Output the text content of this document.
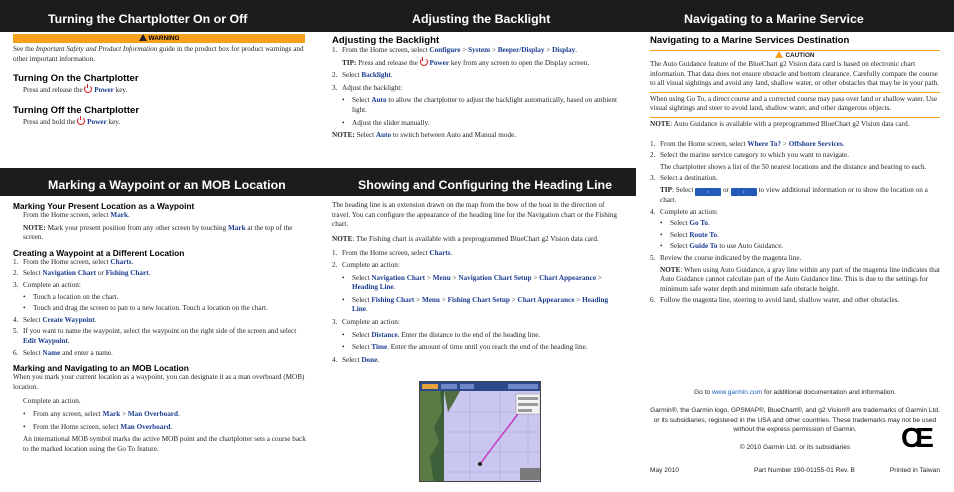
Turning the Chartplotter On or Off	Adjusting the Backlight	Navigating to a Marine Service
Marking a Waypoint or an MOB Location	Showing and Configuring the Heading Line
WARNING
See the Important Safety and Product Information guide in the product box for product warnings and other important information.
Turning On the Chartplotter
Press and release the  Power key.
Turning Off the Chartplotter
Press and hold the  Power key.
Adjusting the Backlight
1. From the Home screen, select Configure > System > Beeper/Display > Display.
TIP: Press and release the  Power key from any screen to open the Display screen.
2. Select Backlight.
3. Adjust the backlight:
•	Select Auto to allow the chartplotter to adjust the backlight automatically, based on ambient light.
•	Adjust the slider manually.
NOTE: Select Auto to switch between Auto and Manual mode.
Navigating to a Marine Services Destination
CAUTION
The Auto Guidance feature of the BlueChart g2 Vision data card is based on electronic chart information. That data does not ensure obstacle and bottom clearance. Carefully compare the course to all visual sightings and avoid any land, shallow water, or other obstacles that may be in your path.
When using Go To, a direct course and a corrected course may pass over land or shallow water. Use visual sightings and steer to avoid land, shallow water, and other dangerous objects.
NOTE: Auto Guidance is available with a preprogrammed BlueChart g2 Vision data card.
1. From the Home screen, select Where To? > Offshore Services.
2. Select the marine service category to which you want to navigate.
The chartplotter shows a list of the 50 nearest locations and the distance and bearing to each.
3. Select a destination.
TIP: Select ‹ or › to view additional information or to show the location on a chart.
4. Complete an action:
•	Select Go To.
•	Select Route To.
•	Select Guide To to use Auto Guidance.
5. Review the course indicated by the magenta line.
NOTE: When using Auto Guidance, a gray line within any part of the magenta line indicates that Auto Guidance cannot calculate part of the Auto Guidance line. This is due to the settings for minimum safe water depth and minimum safe obstacle height.
6. Follow the magenta line, steering to avoid land, shallow water, and other obstacles.
Go to www.garmin.com for additional documentation and information.
Garmin®, the Garmin logo, GPSMAP®, BlueChart®, and g2 Vision® are trademarks of Garmin Ltd. or its subsidiaries, registered in the USA and other countries. These trademarks may not be used without the express permission of Garmin.
© 2010 Garmin Ltd. or its subsidiaries	CE
May 2010	Part Number 190-01155-01 Rev. B	Printed in Taiwan
Marking Your Present Location as a Waypoint
From the Home screen, select Mark.
NOTE: Mark your present position from any other screen by touching Mark at the top of the screen.
Creating a Waypoint at a Different Location
1. From the Home screen, select Charts.
2. Select Navigation Chart or Fishing Chart.
3. Complete an action:
•	Touch a location on the chart.
•	Touch and drag the screen to pan to a new location. Touch a location on the chart.
4. Select Create Waypoint.
5. If you want to name the waypoint, select the waypoint on the right side of the screen and select Edit Waypoint.
6. Select Name and enter a name.
Marking and Navigating to an MOB Location
When you mark your current location as a waypoint, you can designate it as a man overboard (MOB) location.
Complete an action.
•	From any screen, select Mark > Man Overboard.
•	From the Home screen, select Man Overboard.
An international MOB symbol marks the active MOB point and the chartplotter sets a course back to the marked location using the Go To feature.
The heading line is an extension drawn on the map from the bow of the boat in the direction of travel. You can configure the appearance of the heading line for the Navigation chart or the Fishing chart.
NOTE: The Fishing chart is available with a preprogrammed BlueChart g2 Vision data card.
1. From the Home screen, select Charts.
2. Complete an action:
•	Select Navigation Chart > Menu > Navigation Chart Setup > Chart Appearance > Heading Line.
•	Select Fishing Chart > Menu > Fishing Chart Setup > Chart Appearance > Heading Line.
3. Complete an action:
•	Select Distance. Enter the distance to the end of the heading line.
•	Select Time. Enter the amount of time until you reach the end of the heading line.
4. Select Done.
